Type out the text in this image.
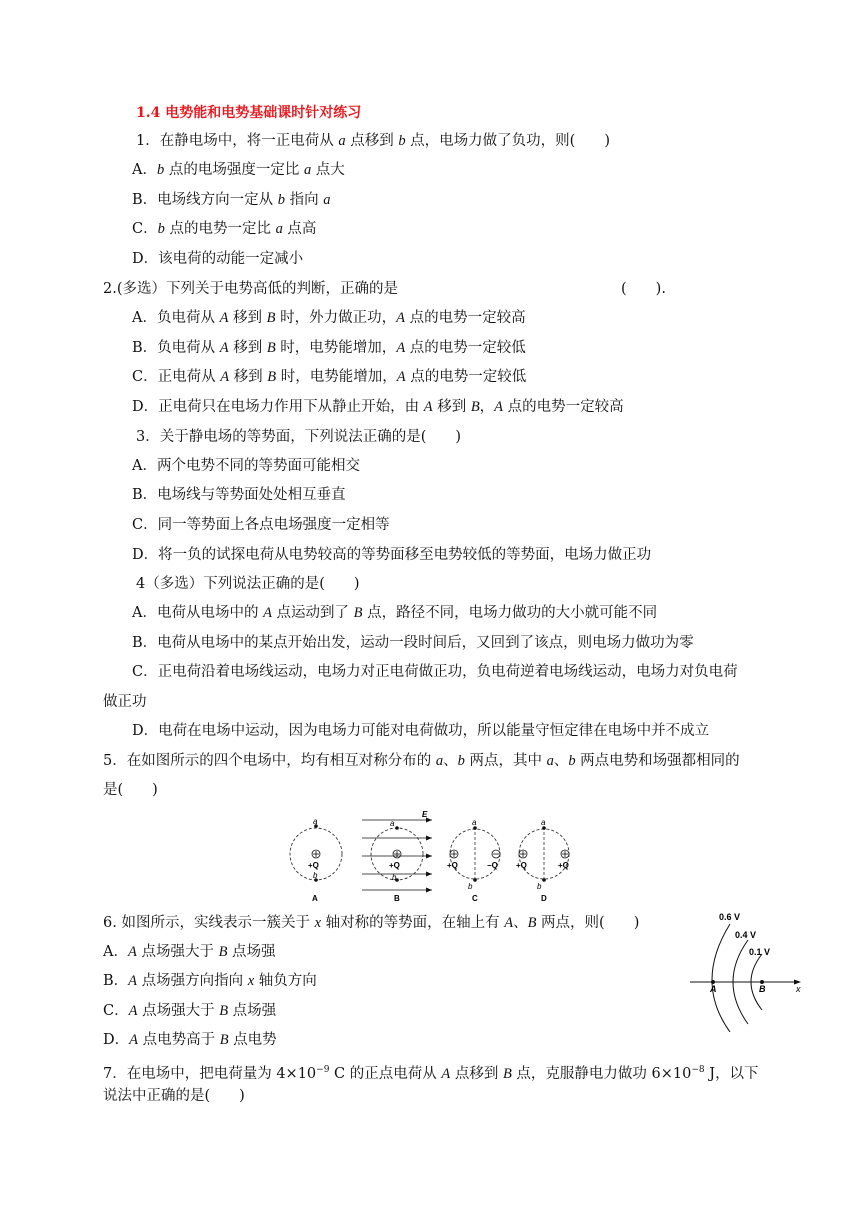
1.4 电势能和电势基础课时针对练习
1．在静电场中，将一正电荷从 a 点移到 b 点，电场力做了负功，则(　　)
A．b 点的电场强度一定比 a 点大
B．电场线方向一定从 b 指向 a
C．b 点的电势一定比 a 点高
D．该电荷的动能一定减小
2.(多选）下列关于电势高低的判断，正确的是	(　　).
A．负电荷从 A 移到 B 时，外力做正功，A 点的电势一定较高
B．负电荷从 A 移到 B 时，电势能增加，A 点的电势一定较低
C．正电荷从 A 移到 B 时，电势能增加，A 点的电势一定较低
D．正电荷只在电场力作用下从静止开始，由 A 移到 B，A 点的电势一定较高
3．关于静电场的等势面，下列说法正确的是(　　)
A．两个电势不同的等势面可能相交
B．电场线与等势面处处相互垂直
C．同一等势面上各点电场强度一定相等
D．将一负的试探电荷从电势较高的等势面移至电势较低的等势面，电场力做正功
4（多选）下列说法正确的是(　　)
A．电荷从电场中的 A 点运动到了 B 点，路径不同，电场力做功的大小就可能不同
B．电荷从电场中的某点开始出发，运动一段时间后，又回到了该点，则电场力做功为零
C．正电荷沿着电场线运动，电场力对正电荷做正功，负电荷逆着电场线运动，电场力对负电荷
做正功
D．电荷在电场中运动，因为电场力可能对电荷做功，所以能量守恒定律在电场中并不成立
5．在如图所示的四个电场中，均有相互对称分布的 a、b 两点，其中 a、b 两点电势和场强都相同的
是(　　)
a
+Q
b
A
E
a
+Q
b
B
a
+Q	−Q
b
C
a
+Q	+Q
b
D
6. 如图所示，实线表示一簇关于 x 轴对称的等势面，在轴上有 A、B 两点，则(　　)
A．A 点场强大于 B 点场强
B．A 点场强方向指向 x 轴负方向
C．A 点场强大于 B 点场强
D．A 点电势高于 B 点电势
0.6 V
0.4 V
0.1 V
A	B	x
7．在电场中，把电荷量为 $4\times 10^{-9}$ C 的正点电荷从 A 点移到 B 点，克服静电力做功 $6\times 10^{-8}$ J，以下
说法中正确的是(　　)
